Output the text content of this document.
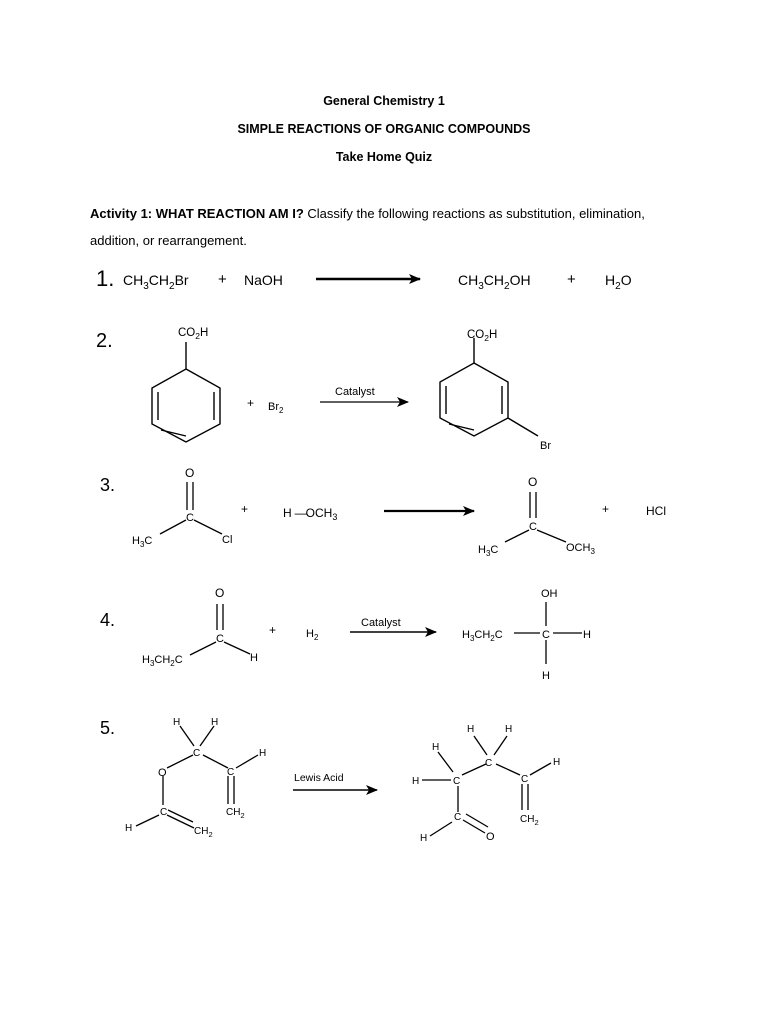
General Chemistry 1
SIMPLE REACTIONS OF ORGANIC COMPOUNDS
Take Home Quiz
Activity 1: WHAT REACTION AM I? Classify the following reactions as substitution, elimination,
addition, or rearrangement.
1. $CH_3CH_2Br$ + NaOH	$CH_3CH_2OH + H_2O$
2.	$CO_2H$
+ $Br_2$
Catalyst
$CO_2H$
Br
3.
O
C
$H_3C$	Cl
+	H $—OCH_3$
O
C
$H_3C$	$OCH_3$
+	HCl
4.
O
C
$H_3CH_2C$	H
+	$H_2$
Catalyst
OH
$H_3CH_2C$	C	H
H
5.	H	H
C
O	C
H
$CH_2$
C
H	$CH_2$
Lewis Acid
H	H
C
H
H	C	C
H
$CH_2$
C
H	O
